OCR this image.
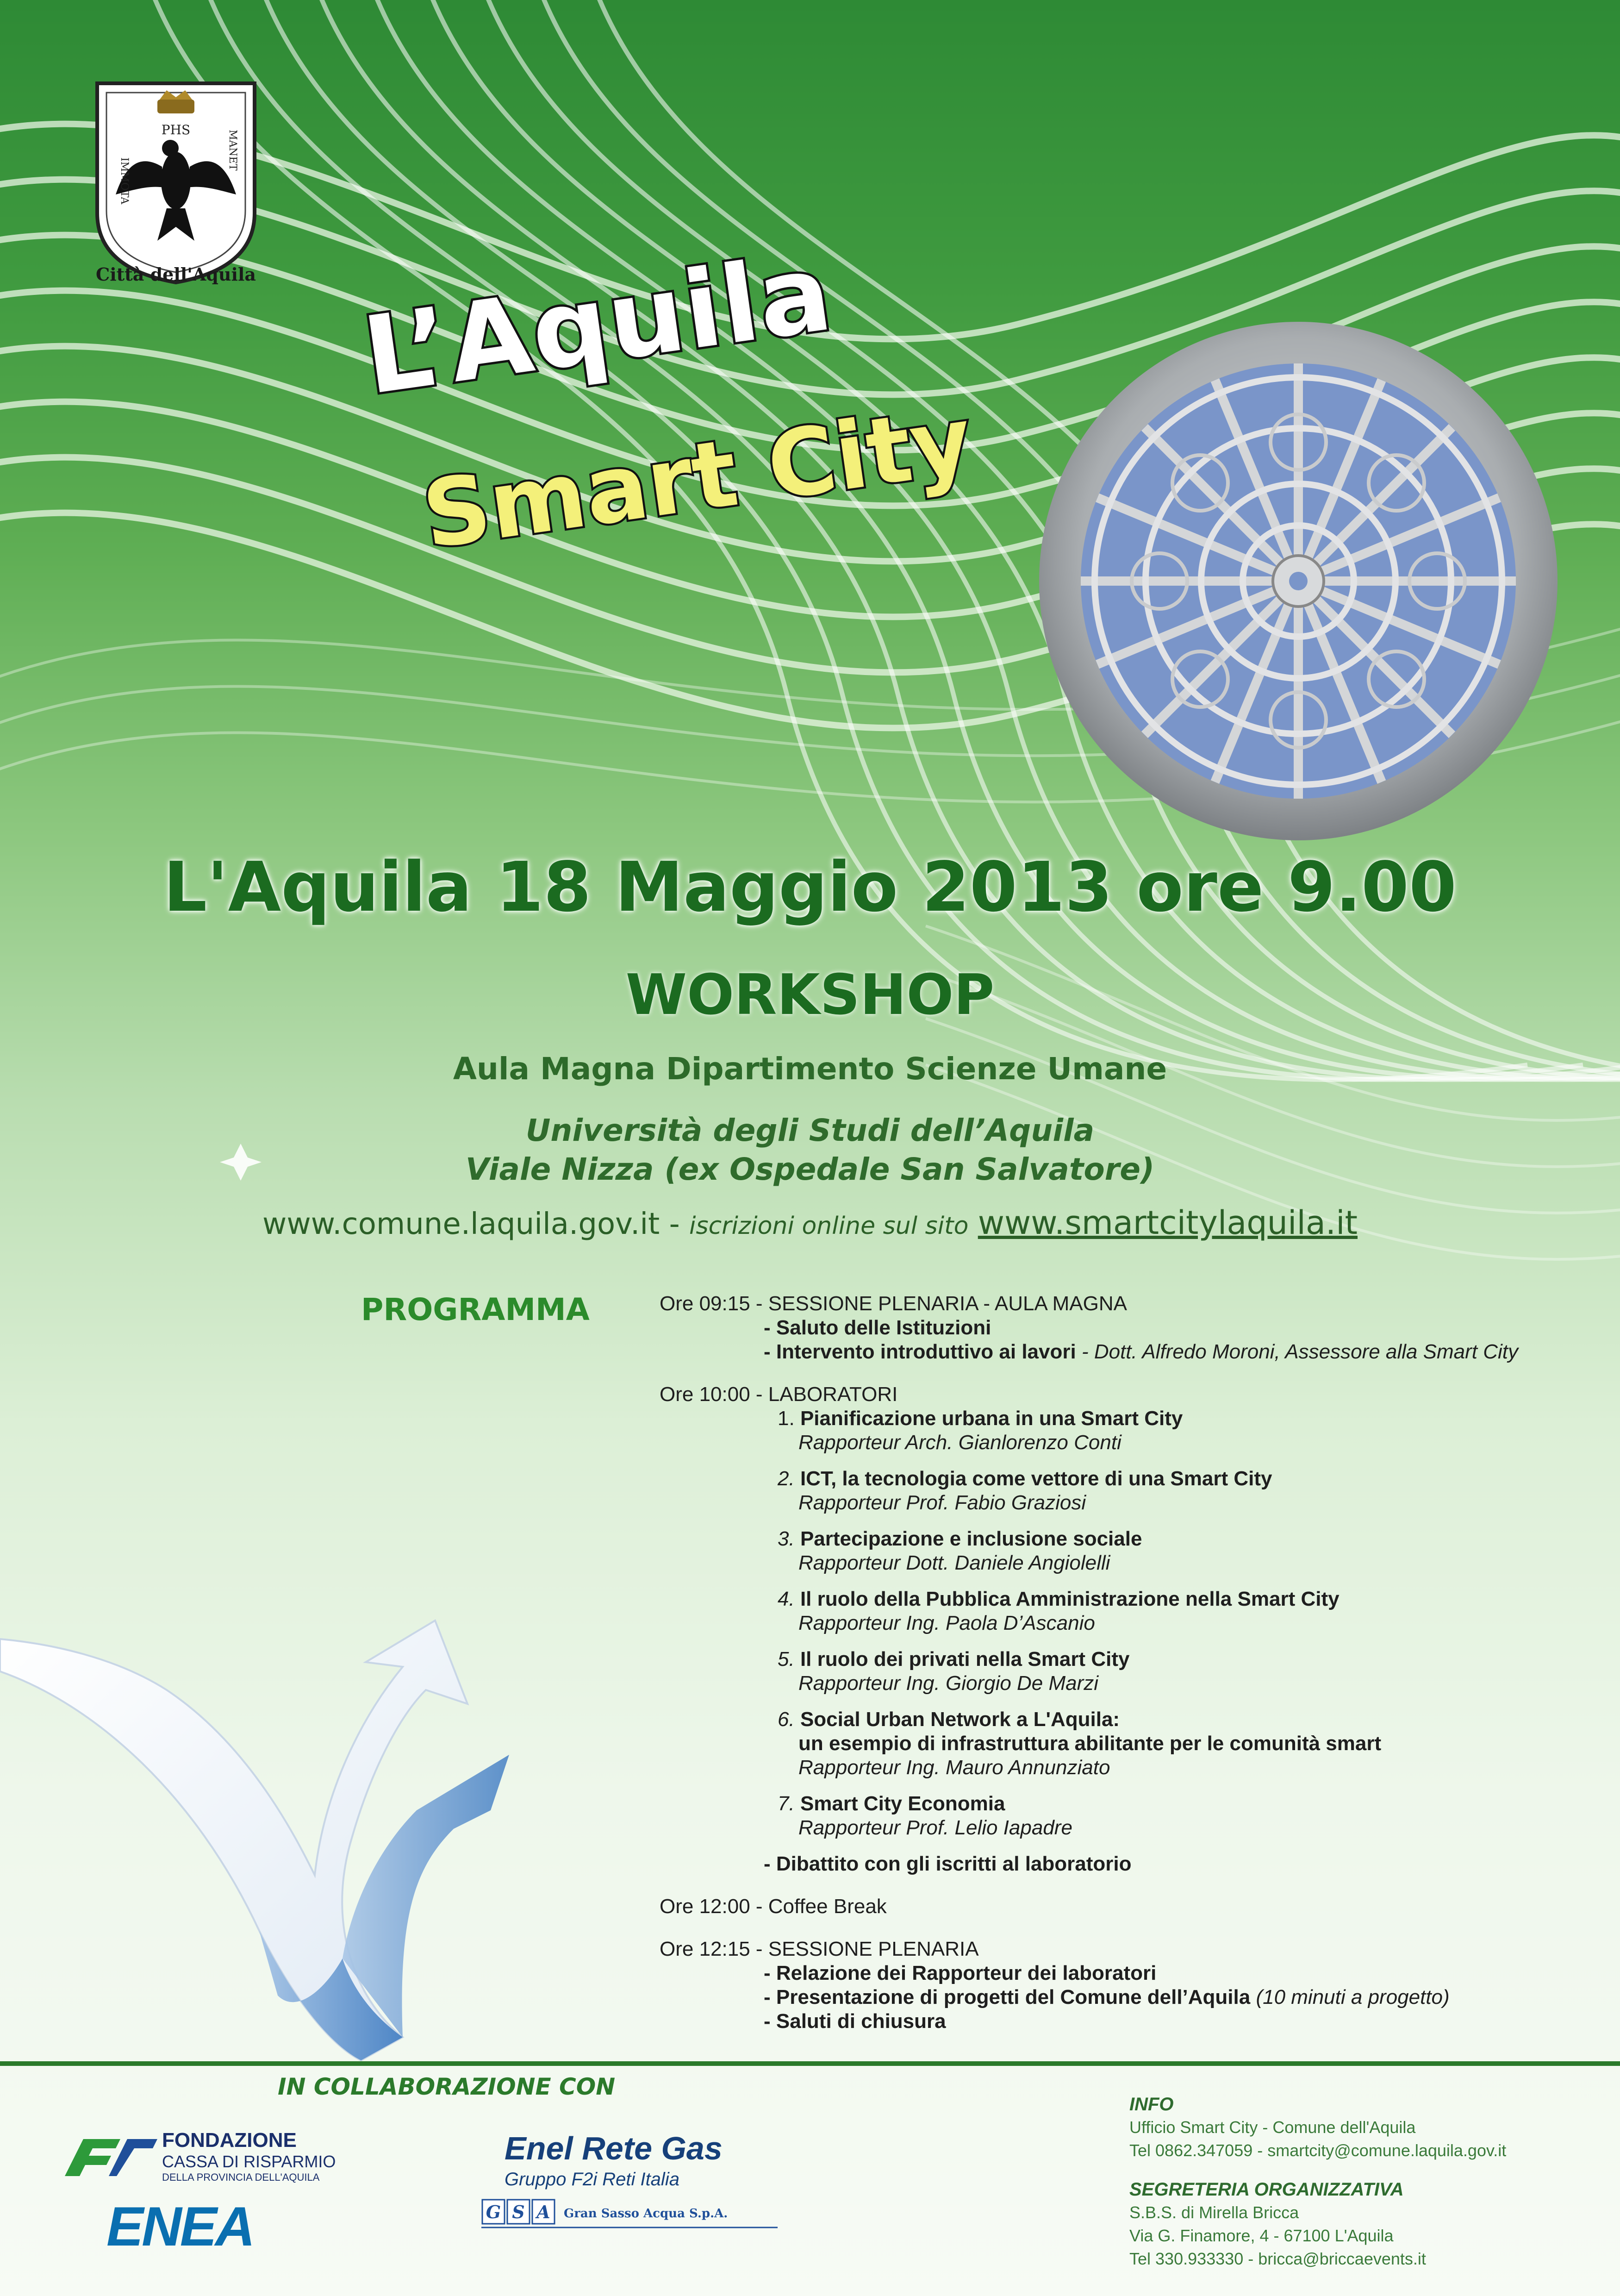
PHS
IMMOTA
MANET
Città dell'Aquila L’Aquila
Smart City
L'Aquila 18 Maggio 2013 ore 9.00
WORKSHOP
Aula Magna Dipartimento Scienze Umane
Università degli Studi dell’Aquila
Viale Nizza (ex Ospedale San Salvatore)
www.comune.laquila.gov.it - iscrizioni online sul sito www.smartcitylaquila.it
PROGRAMMA	Ore 09:15 - SESSIONE PLENARIA - AULA MAGNA
- Saluto delle Istituzioni
- Intervento introduttivo ai lavori - Dott. Alfredo Moroni, Assessore alla Smart City
Ore 10:00 - LABORATORI
1. Pianificazione urbana in una Smart City
Rapporteur Arch. Gianlorenzo Conti
2. ICT, la tecnologia come vettore di una Smart City
Rapporteur Prof. Fabio Graziosi
3. Partecipazione e inclusione sociale
Rapporteur Dott. Daniele Angiolelli
4. Il ruolo della Pubblica Amministrazione nella Smart City
Rapporteur Ing. Paola D’Ascanio
5. Il ruolo dei privati nella Smart City
Rapporteur Ing. Giorgio De Marzi
6. Social Urban Network a L'Aquila:
un esempio di infrastruttura abilitante per le comunità smart
Rapporteur Ing. Mauro Annunziato
7. Smart City Economia
Rapporteur Prof. Lelio Iapadre
- Dibattito con gli iscritti al laboratorio
Ore 12:00 - Coffee Break
Ore 12:15 - SESSIONE PLENARIA
- Relazione dei Rapporteur dei laboratori
- Presentazione di progetti del Comune dell’Aquila (10 minuti a progetto)
- Saluti di chiusura
IN COLLABORAZIONE CON
FONDAZIONE
CASSA DI RISPARMIO
DELLA PROVINCIA DELL'AQUILA
ENEA
Enel Rete Gas
Gruppo F2i Reti Italia
G S A Gran Sasso Acqua S.p.A.
INFO
Ufficio Smart City - Comune dell'Aquila
Tel 0862.347059 - smartcity@comune.laquila.gov.it
SEGRETERIA ORGANIZZATIVA
S.B.S. di Mirella Bricca
Via G. Finamore, 4 - 67100 L'Aquila
Tel 330.933330 - bricca@briccaevents.it
